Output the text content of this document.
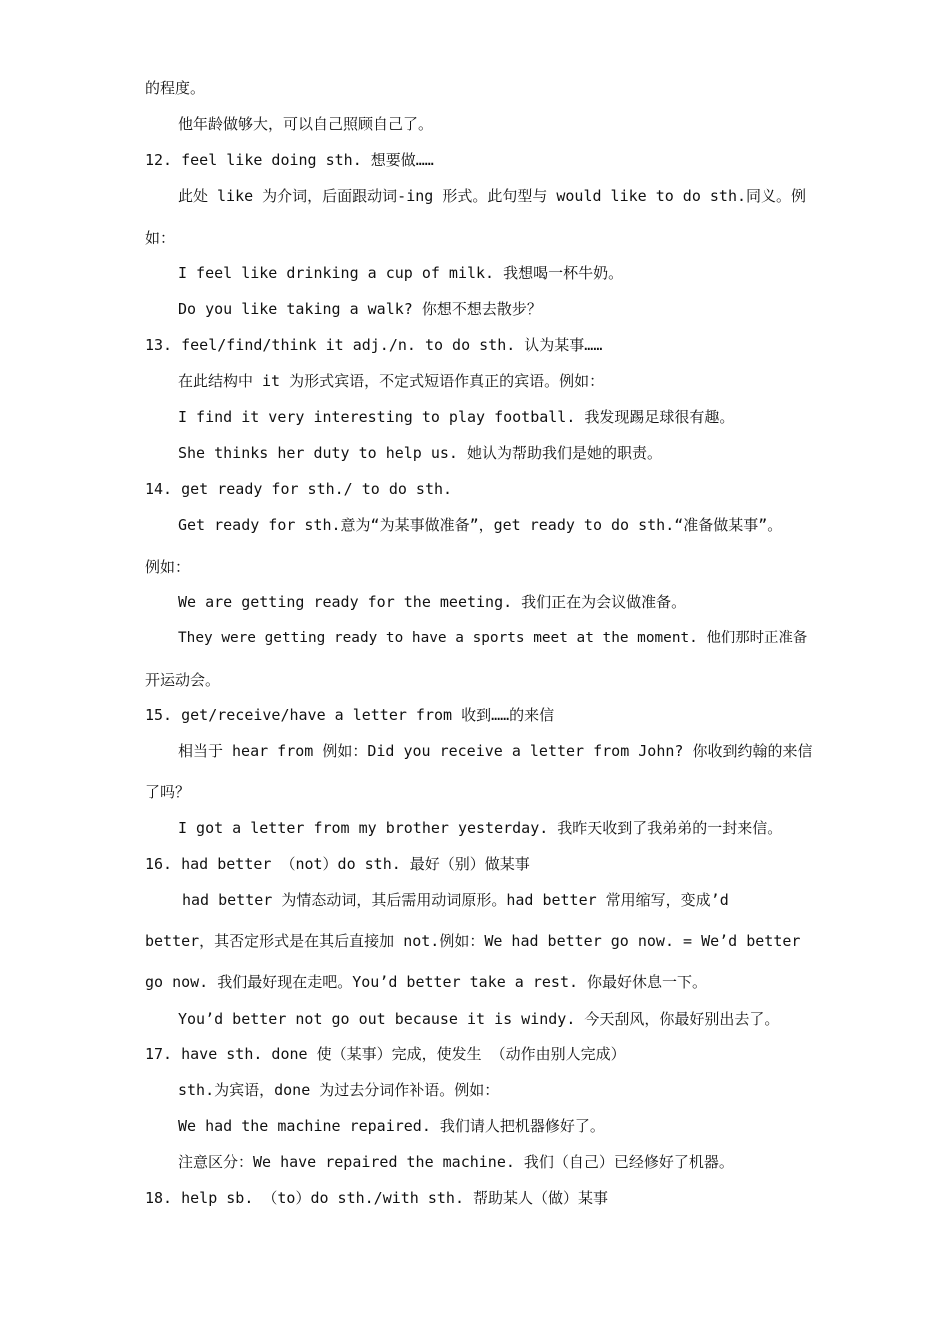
的程度。
他年龄做够大，可以自己照顾自己了。
12. feel like doing sth. 想要做……
此处 like 为介词，后面跟动词-ing 形式。此句型与 would like to do sth.同义。例
如：
I feel like drinking a cup of milk. 我想喝一杯牛奶。
Do you like taking a walk? 你想不想去散步？
13. feel/find/think it adj./n. to do sth. 认为某事……
在此结构中 it 为形式宾语，不定式短语作真正的宾语。例如：
I find it very interesting to play football. 我发现踢足球很有趣。
She thinks her duty to help us. 她认为帮助我们是她的职责。
14. get ready for sth./ to do sth.
Get ready for sth.意为“为某事做准备”，get ready to do sth.“准备做某事”。
例如：
We are getting ready for the meeting. 我们正在为会议做准备。
They were getting ready to have a sports meet at the moment. 他们那时正准备
开运动会。
15. get/receive/have a letter from 收到……的来信
相当于 hear from 例如：Did you receive a letter from John? 你收到约翰的来信
了吗？
I got a letter from my brother yesterday. 我昨天收到了我弟弟的一封来信。
16. had better （not）do sth. 最好（别）做某事
had better 为情态动词，其后需用动词原形。had better 常用缩写，变成’d
better，其否定形式是在其后直接加 not.例如：We had better go now. = We’d better
go now. 我们最好现在走吧。You’d better take a rest. 你最好休息一下。
You’d better not go out because it is windy. 今天刮风，你最好别出去了。
17. have sth. done 使（某事）完成，使发生 （动作由别人完成）
sth.为宾语，done 为过去分词作补语。例如：
We had the machine repaired. 我们请人把机器修好了。
注意区分：We have repaired the machine. 我们（自己）已经修好了机器。
18. help sb. （to）do sth./with sth. 帮助某人（做）某事
